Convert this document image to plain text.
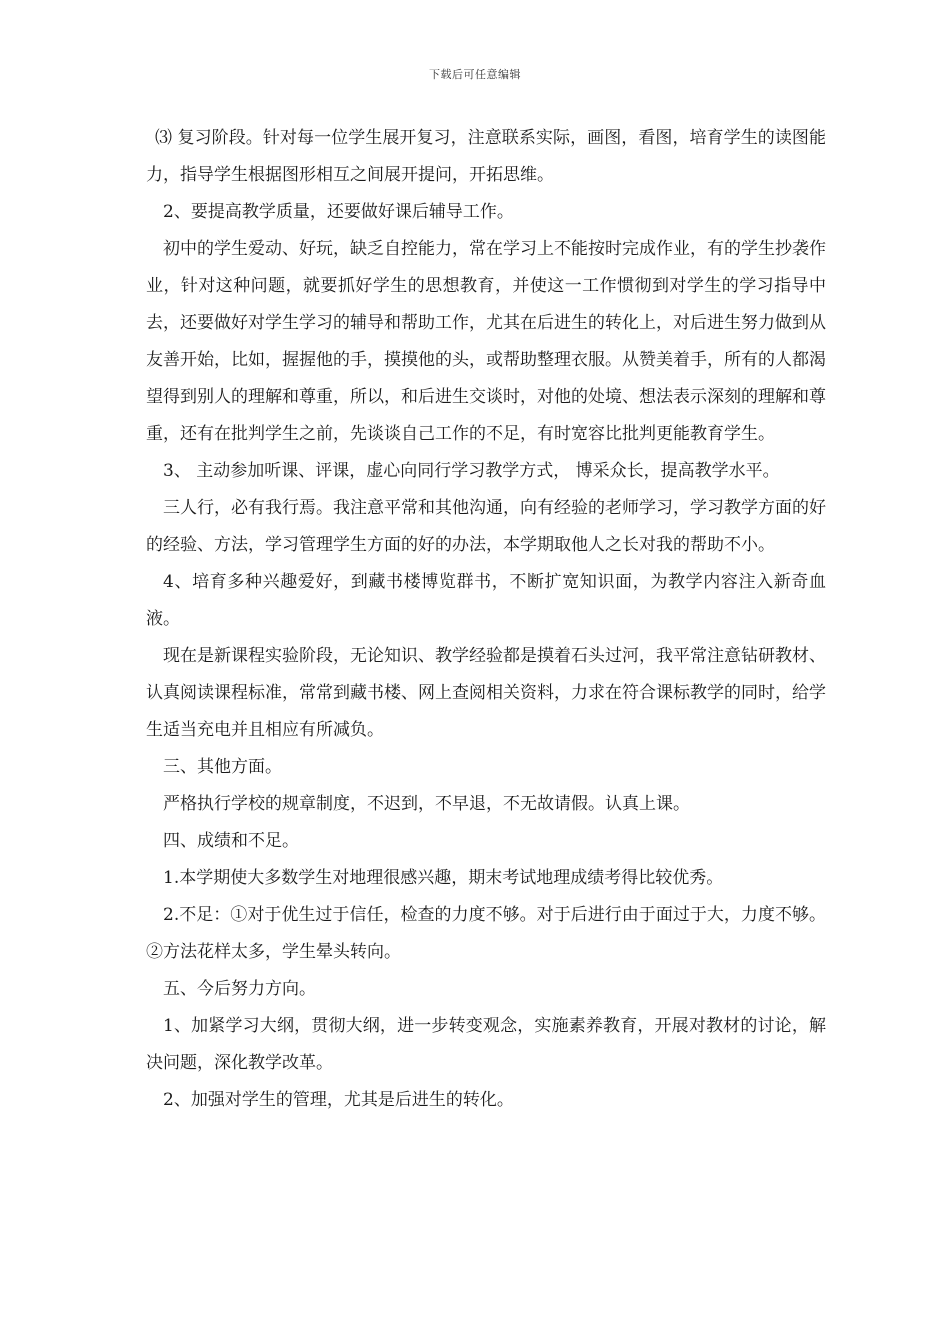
下载后可任意编辑

⑶ 复习阶段。针对每一位学生展开复习，注意联系实际，画图，看图，培育学生的读图能力，指导学生根据图形相互之间展开提问，开拓思维。

2、要提高教学质量，还要做好课后辅导工作。

初中的学生爱动、好玩，缺乏自控能力，常在学习上不能按时完成作业，有的学生抄袭作业，针对这种问题，就要抓好学生的思想教育，并使这一工作惯彻到对学生的学习指导中去，还要做好对学生学习的辅导和帮助工作，尤其在后进生的转化上，对后进生努力做到从友善开始，比如，握握他的手，摸摸他的头，或帮助整理衣服。从赞美着手，所有的人都渴望得到别人的理解和尊重，所以，和后进生交谈时，对他的处境、想法表示深刻的理解和尊重，还有在批判学生之前，先谈谈自己工作的不足，有时宽容比批判更能教育学生。

3、 主动参加听课、评课，虚心向同行学习教学方式， 博采众长，提高教学水平。

三人行，必有我行焉。我注意平常和其他沟通，向有经验的老师学习，学习教学方面的好的经验、方法，学习管理学生方面的好的办法，本学期取他人之长对我的帮助不小。

4、培育多种兴趣爱好，到藏书楼博览群书，不断扩宽知识面，为教学内容注入新奇血液。

现在是新课程实验阶段，无论知识、教学经验都是摸着石头过河，我平常注意钻研教材、认真阅读课程标准，常常到藏书楼、网上查阅相关资料，力求在符合课标教学的同时，给学生适当充电并且相应有所减负。

三、其他方面。

严格执行学校的规章制度，不迟到，不早退，不无故请假。认真上课。

四、成绩和不足。

1.本学期使大多数学生对地理很感兴趣，期末考试地理成绩考得比较优秀。

2.不足：①对于优生过于信任，检查的力度不够。对于后进行由于面过于大，力度不够。②方法花样太多，学生晕头转向。

五、今后努力方向。

1、加紧学习大纲，贯彻大纲，进一步转变观念，实施素养教育，开展对教材的讨论，解决问题，深化教学改革。

2、加强对学生的管理，尤其是后进生的转化。
